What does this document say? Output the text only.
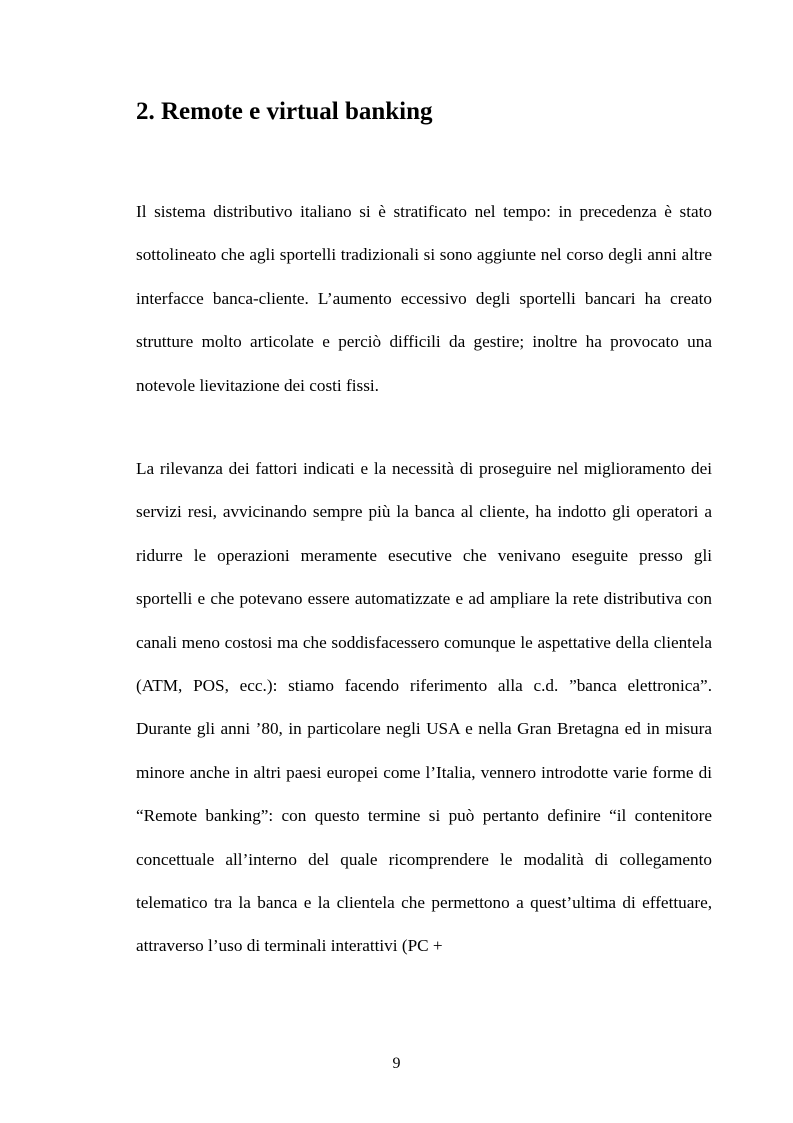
2. Remote e virtual banking

Il sistema distributivo italiano si è stratificato nel tempo: in precedenza è stato sottolineato che agli sportelli tradizionali si sono aggiunte nel corso degli anni altre interfacce banca-cliente. L’aumento eccessivo degli sportelli bancari ha creato strutture molto articolate e perciò difficili da gestire; inoltre ha provocato una notevole lievitazione dei costi fissi.

La rilevanza dei fattori indicati e la necessità di proseguire nel miglioramento dei servizi resi, avvicinando sempre più la banca al cliente, ha indotto gli operatori a ridurre le operazioni meramente esecutive che venivano eseguite presso gli sportelli e che potevano essere automatizzate e ad ampliare la rete distributiva con canali meno costosi ma che soddisfacessero comunque le aspettative della clientela (ATM, POS, ecc.): stiamo facendo riferimento alla c.d. ”banca elettronica”. Durante gli anni ’80, in particolare negli USA e nella Gran Bretagna ed in misura minore anche in altri paesi europei come l’Italia, vennero introdotte varie forme di “Remote banking”: con questo termine si può pertanto definire “il contenitore concettuale all’interno del quale ricomprendere le modalità di collegamento telematico tra la banca e la clientela che permettono a quest’ultima di effettuare, attraverso l’uso di terminali interattivi (PC +

9
